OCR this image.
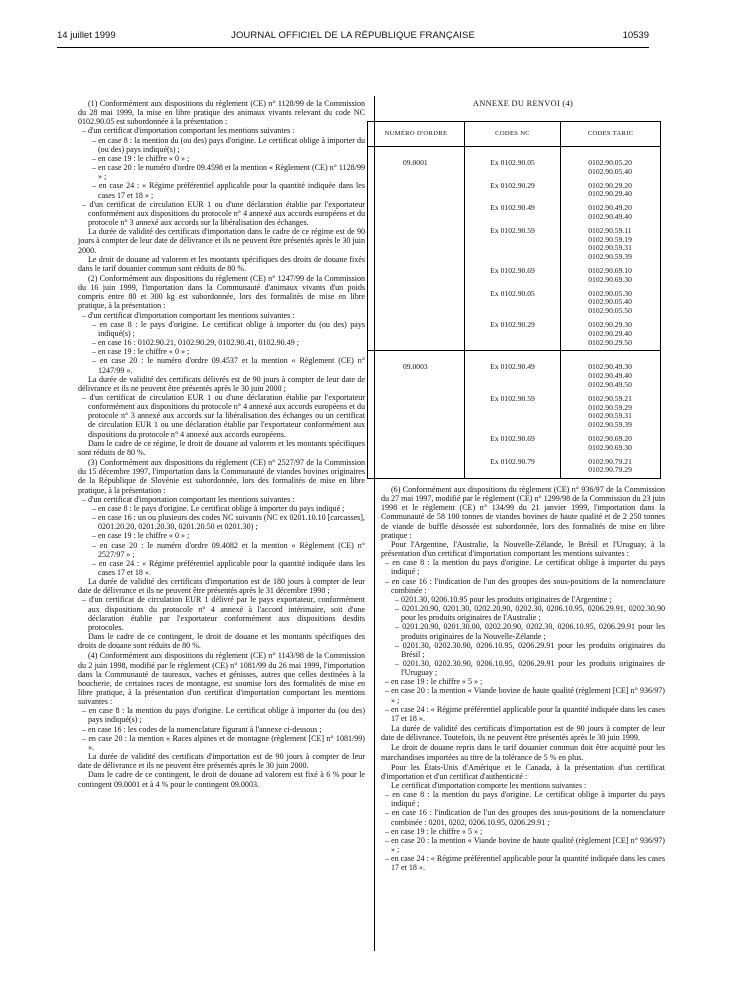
14 juillet 1999	JOURNAL OFFICIEL DE LA RÉPUBLIQUE FRANÇAISE	10539

(1) Conformément aux dispositions du règlement (CE) n° 1128/99 de la Commission du 28 mai 1999, la mise en libre pratique des animaux vivants relevant du code NC 0102.90.05 est subordonnée à la présentation :

– d'un certificat d'importation comportant les mentions suivantes :

– en case 8 : la mention du (ou des) pays d'origine. Le certificat oblige à importer du (ou des) pays indiqué(s) ;

– en case 19 : le chiffre « 0 » ;

– en case 20 : le numéro d'ordre 09.4598 et la mention « Règlement (CE) n° 1128/99 » ;

– en case 24 : « Régime préférentiel applicable pour la quantité indiquée dans les cases 17 et 18 » ;

– d'un certificat de circulation EUR 1 ou d'une déclaration établie par l'exportateur conformément aux dispositions du protocole n° 4 annexé aux accords européens et du protocole n° 3 annexé aux accords sur la libéralisation des échanges.

La durée de validité des certificats d'importation dans le cadre de ce régime est de 90 jours à compter de leur date de délivrance et ils ne peuvent être présentés après le 30 juin 2000.

Le droit de douane ad valorem et les montants spécifiques des droits de douane fixés dans le tarif douanier commun sont réduits de 80 %.

(2) Conformément aux dispositions du règlement (CE) n° 1247/99 de la Commission du 16 juin 1999, l'importation dans la Communauté d'animaux vivants d'un poids compris entre 80 et 300 kg est subordonnée, lors des formalités de mise en libre pratique, à la présentation :

– d'un certificat d'importation comportant les mentions suivantes :

– en case 8 : le pays d'origine. Le certificat oblige à importer du (ou des) pays indiqué(s) ;

– en case 16 : 0102.90.21, 0102.90.29, 0102.90.41, 0102.90.49 ;

– en case 19 : le chiffre « 0 » ;

– en case 20 : le numéro d'ordre 09.4537 et la mention « Règlement (CE) n° 1247/99 ».

La durée de validité des certificats délivrés est de 90 jours à compter de leur date de délivrance et ils ne peuvent être présentés après le 30 juin 2000 ;

– d'un certificat de circulation EUR 1 ou d'une déclaration établie par l'exportateur conformément aux dispositions du protocole n° 4 annexé aux accords européens et du protocole n° 3 annexé aux accords sur la libéralisation des échanges ou un certificat de circulation EUR 1 ou une déclaration établie par l'exportateur conformément aux dispositions du protocole n° 4 annexé aux accords européens.

Dans le cadre de ce régime, le droit de douane ad valorem et les montants spécifiques sont réduits de 80 %.

(3) Conformément aux dispositions du règlement (CE) n° 2527/97 de la Commission du 15 décembre 1997, l'importation dans la Communauté de viandes bovines originaires de la République de Slovénie est subordonnée, lors des formalités de mise en libre pratique, à la présentation :

– d'un certificat d'importation comportant les mentions suivantes :

– en case 8 : le pays d'origine. Le certificat oblige à importer du pays indiqué ;

– en case 16 : un ou plusieurs des codes NC suivants (NC ex 0201.10.10 [carcasses], 0201.20.20, 0201.20.30, 0201.20.50 et 0201.30) ;

– en case 19 : le chiffre « 0 » ;

– en case 20 : le numéro d'ordre 09.4082 et la mention « Règlement (CE) n° 2527/97 » ;

– en case 24 : « Régime préférentiel applicable pour la quantité indiquée dans les cases 17 et 18 ».

La durée de validité des certificats d'importation est de 180 jours à compter de leur date de délivrance et ils ne peuvent être présentés après le 31 décembre 1998 ;

– d'un certificat de circulation EUR 1 délivré par le pays exportateur, conformément aux dispositions du protocole n° 4 annexé à l'accord intérimaire, soit d'une déclaration établie par l'exportateur conformément aux dispositions desdits protocoles.

Dans le cadre de ce contingent, le droit de douane et les montants spécifiques des droits de douane sont réduits de 80 %.

(4) Conformément aux dispositions du règlement (CE) n° 1143/98 de la Commission du 2 juin 1998, modifié par le règlement (CE) n° 1081/99 du 26 mai 1999, l'importation dans la Communauté de taureaux, vaches et génisses, autres que celles destinées à la boucherie, de certaines races de montagne, est soumise lors des formalités de mise en libre pratique, à la présentation d'un certificat d'importation comportant les mentions suivantes :

– en case 8 : la mention du pays d'origine. Le certificat oblige à importer du (ou des) pays indiqué(s) ;

– en case 16 : les codes de la nomenclature figurant à l'annexe ci-dessous ;

– en case 20 : la mention « Races alpines et de montagne (règlement [CE] n° 1081/99) ».

La durée de validité des certificats d'importation est de 90 jours à compter de leur date de délivrance et ils ne peuvent être présentés après le 30 juin 2000.

Dans le cadre de ce contingent, le droit de douane ad valorem est fixé à 6 % pour le contingent 09.0001 et à 4 % pour le contingent 09.0003.

ANNEXE DU RENVOI (4)
NUMÉRO D'ORDRE	CODES NC	CODES TARIC
09.0001	Ex 0102.90.05	0102.90.05.20
0102.90.05.40
	Ex 0102.90.29	0102.90.29.20
0102.90.29.40
	Ex 0102.90.49	0102.90.49.20
0102.90.49.40
	Ex 0102.90.59	0102.90.59.11
0102.90.59.19
0102.90.59.31
0102.90.59.39
	Ex 0102.90.69	0102.90.69.10
0102.90.69.30
	Ex 0102.90.05	0102.90.05.30
0102.90.05.40
0102.90.05.50
	Ex 0102.90.29	0102.90.29.30
0102.90.29.40
0102.90.29.50
09.0003	Ex 0102.90.49	0102.90.49.30
0102.90.49.40
0102.90.49.50
	Ex 0102.90.59	0102.90.59.21
0102.90.59.29
0102.90.59.31
0102.90.59.39
	Ex 0102.90.69	0102.90.69.20
0102.90.69.30
	Ex 0102.90.79	0102.90.79.21
0102.90.79.29

(6) Conformément aux dispositions du règlement (CE) n° 936/97 de la Commission du 27 mai 1997, modifié par le règlement (CE) n° 1299/98 de la Commission du 23 juin 1998 et le règlement (CE) n° 134/99 du 21 janvier 1999, l'importation dans la Communauté de 58 100 tonnes de viandes bovines de haute qualité et de 2 250 tonnes de viande de buffle désossée est subordonnée, lors des formalités de mise en libre pratique :

Pour l'Argentine, l'Australie, la Nouvelle-Zélande, le Brésil et l'Uruguay, à la présentation d'un certificat d'importation comportant les mentions suivantes :

– en case 8 : la mention du pays d'origine. Le certificat oblige à importer du pays indiqué ;

– en case 16 : l'indication de l'un des groupes des sous-positions de la nomenclature combinée :

– 0201.30, 0206.10.95 pour les produits originaires de l'Argentine ;

– 0201.20.90, 0201.30, 0202.20.90, 0202.30, 0206.10.95, 0206.29.91, 0202.30.90 pour les produits originaires de l'Australie ;

– 0201.20.90, 0201.30.00, 0202.20.90, 0202.30, 0206.10.95, 0206.29.91 pour les produits originaires de la Nouvelle-Zélande ;

– 0201.30, 0202.30.90, 0206.10.95, 0206.29.91 pour les produits originaires du Brésil ;

– 0201.30, 0202.30.90, 0206.10.95, 0206.29.91 pour les produits originaires de l'Uruguay ;

– en case 19 : le chiffre « 5 » ;

– en case 20 : la mention « Viande bovine de haute qualité (règlement [CE] n° 936/97) » ;

– en case 24 : « Régime préférentiel applicable pour la quantité indiquée dans les cases 17 et 18 ».

La durée de validité des certificats d'importation est de 90 jours à compter de leur date de délivrance. Toutefois, ils ne peuvent être présentés après le 30 juin 1999.

Le droit de douane repris dans le tarif douanier commun doit être acquitté pour les marchandises importées au titre de la tolérance de 5 % en plus.

Pour les États-Unis d'Amérique et le Canada, à la présentation d'un certificat d'importation et d'un certificat d'authenticité :

Le certificat d'importation comporte les mentions suivantes :

– en case 8 : la mention du pays d'origine. Le certificat oblige à importer du pays indiqué ;

– en case 16 : l'indication de l'un des groupes des sous-positions de la nomenclature combinée : 0201, 0202, 0206.10.95, 0206.29.91 ;

– en case 19 : le chiffre « 5 » ;

– en case 20 : la mention « Viande bovine de haute qualité (règlement [CE] n° 936/97) » ;

– en case 24 : « Régime préférentiel applicable pour la quantité indiquée dans les cases 17 et 18 ».
